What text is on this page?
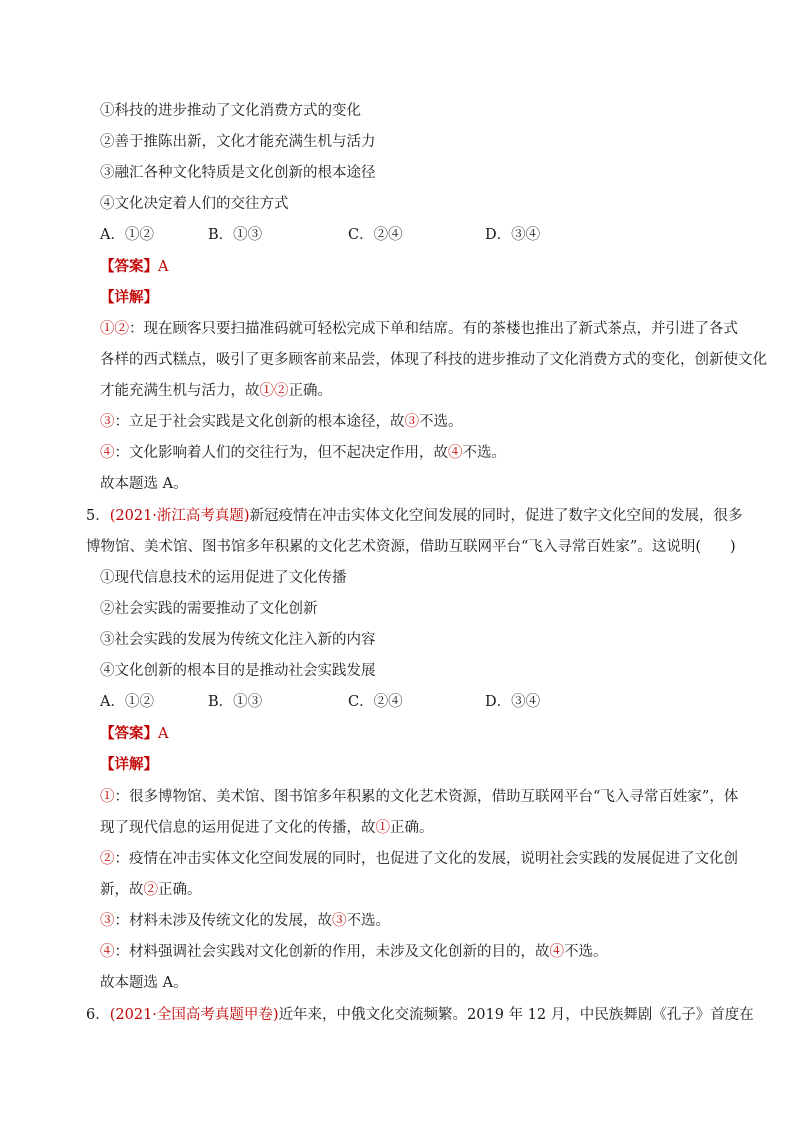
①科技的进步推动了文化消费方式的变化
②善于推陈出新，文化才能充满生机与活力
③融汇各种文化特质是文化创新的根本途径
④文化决定着人们的交往方式
A．①②	B．①③	C．②④	D．③④
【答案】A
【详解】
①②：现在顾客只要扫描准码就可轻松完成下单和结席。有的茶楼也推出了新式茶点，并引进了各式
各样的西式糕点，吸引了更多顾客前来品尝，体现了科技的进步推动了文化消费方式的变化，创新使文化
才能充满生机与活力，故①②正确。
③：立足于社会实践是文化创新的根本途径，故③不选。
④：文化影响着人们的交往行为，但不起决定作用，故④不选。
故本题选 A。
5．(2021·浙江高考真题)新冠疫情在冲击实体文化空间发展的同时，促进了数字文化空间的发展，很多
博物馆、美术馆、图书馆多年积累的文化艺术资源，借助互联网平台“飞入寻常百姓家”。这说明(　　)
①现代信息技术的运用促进了文化传播
②社会实践的需要推动了文化创新
③社会实践的发展为传统文化注入新的内容
④文化创新的根本目的是推动社会实践发展
A．①②	B．①③	C．②④	D．③④
【答案】A
【详解】
①：很多博物馆、美术馆、图书馆多年积累的文化艺术资源，借助互联网平台“飞入寻常百姓家”，体
现了现代信息的运用促进了文化的传播，故①正确。
②：疫情在冲击实体文化空间发展的同时，也促进了文化的发展，说明社会实践的发展促进了文化创
新，故②正确。
③：材料未涉及传统文化的发展，故③不选。
④：材料强调社会实践对文化创新的作用，未涉及文化创新的目的，故④不选。
故本题选 A。
6．(2021·全国高考真题甲卷)近年来，中俄文化交流频繁。2019 年 12 月，中民族舞剧《孔子》首度在
